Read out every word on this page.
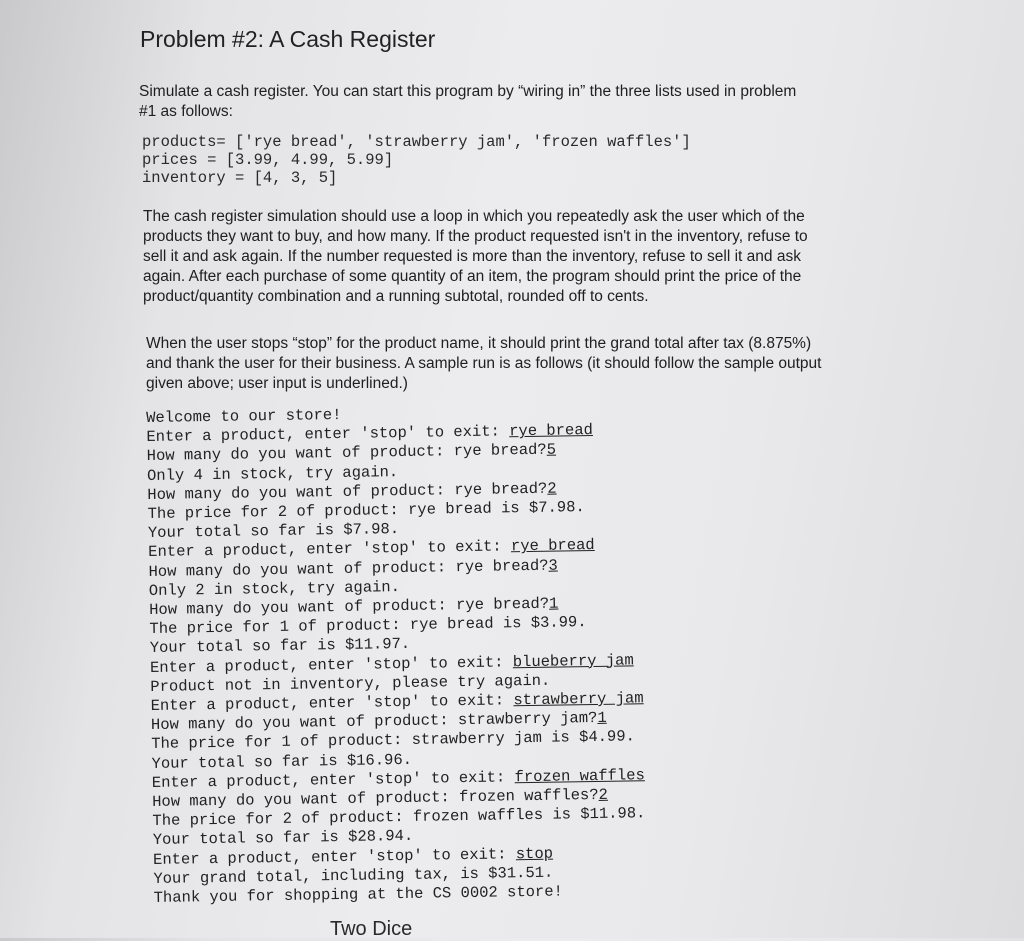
Problem #2: A Cash Register
Simulate a cash register. You can start this program by “wiring in” the three lists used in problem
#1 as follows:
products= ['rye bread', 'strawberry jam', 'frozen waffles']
prices = [3.99, 4.99, 5.99]
inventory = [4, 3, 5]
The cash register simulation should use a loop in which you repeatedly ask the user which of the
products they want to buy, and how many. If the product requested isn't in the inventory, refuse to
sell it and ask again. If the number requested is more than the inventory, refuse to sell it and ask
again. After each purchase of some quantity of an item, the program should print the price of the
product/quantity combination and a running subtotal, rounded off to cents.
When the user stops “stop” for the product name, it should print the grand total after tax (8.875%)
and thank the user for their business. A sample run is as follows (it should follow the sample output
given above; user input is underlined.)
Welcome to our store!
Enter a product, enter 'stop' to exit: rye bread
How many do you want of product: rye bread?5
Only 4 in stock, try again.
How many do you want of product: rye bread?2
The price for 2 of product: rye bread is $7.98.
Your total so far is $7.98.
Enter a product, enter 'stop' to exit: rye bread
How many do you want of product: rye bread?3
Only 2 in stock, try again.
How many do you want of product: rye bread?1
The price for 1 of product: rye bread is $3.99.
Your total so far is $11.97.
Enter a product, enter 'stop' to exit: blueberry jam
Product not in inventory, please try again.
Enter a product, enter 'stop' to exit: strawberry jam
How many do you want of product: strawberry jam?1
The price for 1 of product: strawberry jam is $4.99.
Your total so far is $16.96.
Enter a product, enter 'stop' to exit: frozen waffles
How many do you want of product: frozen waffles?2
The price for 2 of product: frozen waffles is $11.98.
Your total so far is $28.94.
Enter a product, enter 'stop' to exit: stop
Your grand total, including tax, is $31.51.
Thank you for shopping at the CS 0002 store!
Two Dice
